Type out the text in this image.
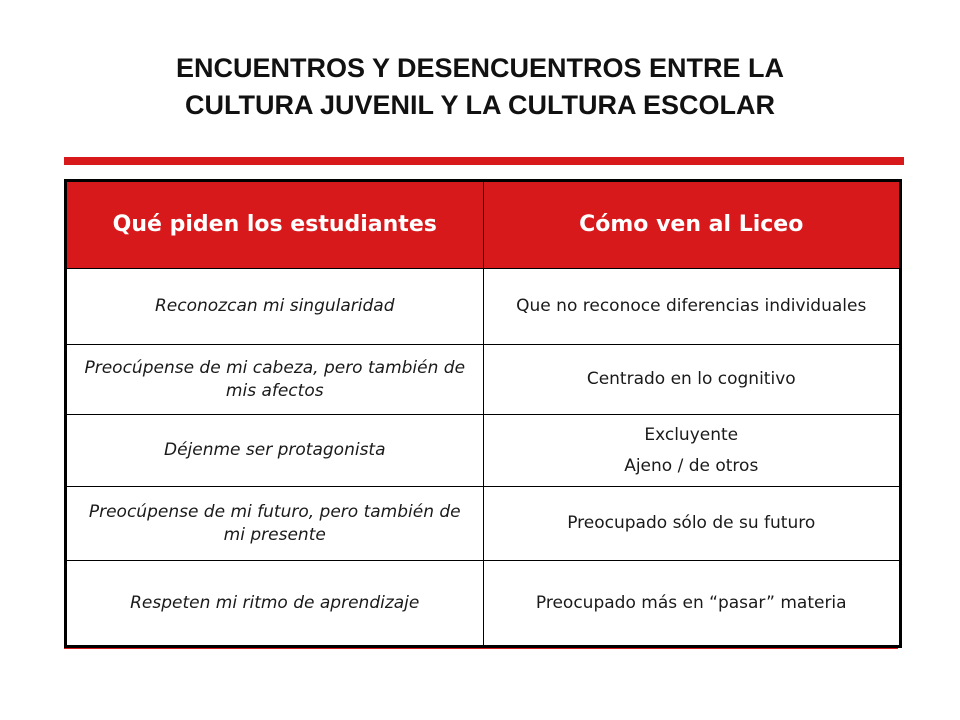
ENCUENTROS Y DESENCUENTROS ENTRE LA
CULTURA JUVENIL Y LA CULTURA ESCOLAR
Qué piden los estudiantes	Cómo ven al Liceo
Reconozcan mi singularidad	Que no reconoce diferencias individuales

Preocúpense de mi cabeza, pero también de mis afectos	Centrado en lo cognitivo

Déjenme ser protagonista	Excluyente
Ajeno / de otros

Preocúpense de mi futuro, pero también de mi presente	Preocupado sólo de su futuro

Respeten mi ritmo de aprendizaje	Preocupado más en “pasar” materia
